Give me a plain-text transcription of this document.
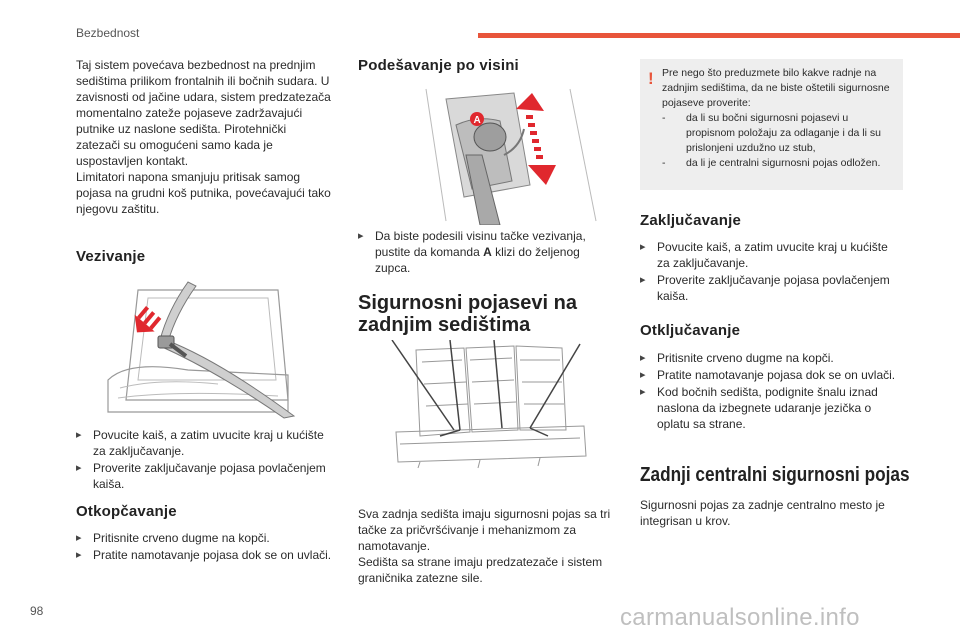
Bezbednost

Taj sistem povećava bezbednost na prednjim sedištima prilikom frontalnih ili bočnih sudara. U zavisnosti od jačine udara, sistem predzatezača momentalno zateže pojaseve zadržavajući putnike uz naslone sedišta. Pirotehnički zatezači su omogućeni samo kada je uspostavljen kontakt.

Limitatori napona smanjuju pritisak samog pojasa na grudni koš putnika, povećavajući tako njegovu zaštitu.

Vezivanje
▸ Povucite kaiš, a zatim uvucite kraj u kućište za zaključavanje.
▸ Proverite zaključavanje pojasa povlačenjem kaiša.
Otkopčavanje
▸ Pritisnite crveno dugme na kopči.
▸ Pratite namotavanje pojasa dok se on uvlači.
Podešavanje po visini
A
▸ Da biste podesili visinu tačke vezivanja, pustite da komanda A klizi do željenog zupca.
Sigurnosni pojasevi na
zadnjim sedištima

Sva zadnja sedišta imaju sigurnosni pojas sa tri tačke za pričvršćivanje i mehanizmom za namotavanje.

Sedišta sa strane imaju predzatezače i sistem graničnika zatezne sile.

! Pre nego što preduzmete bilo kakve radnje na zadnjim sedištima, da ne biste oštetili sigurnosne pojaseve proverite:
- da li su bočni sigurnosni pojasevi u propisnom položaju za odlaganje i da li su prislonjeni uzdužno uz stub,
- da li je centralni sigurnosni pojas odložen.
Zaključavanje
▸ Povucite kaiš, a zatim uvucite kraj u kućište za zaključavanje.
▸ Proverite zaključavanje pojasa povlačenjem kaiša.
Otključavanje
▸ Pritisnite crveno dugme na kopči.
▸ Pratite namotavanje pojasa dok se on uvlači.
▸ Kod bočnih sedišta, podignite šnalu iznad naslona da izbegnete udaranje jezička o oplatu sa strane.
Zadnji centralni sigurnosni pojas

Sigurnosni pojas za zadnje centralno mesto je integrisan u krov.

98	carmanualsonline.info
